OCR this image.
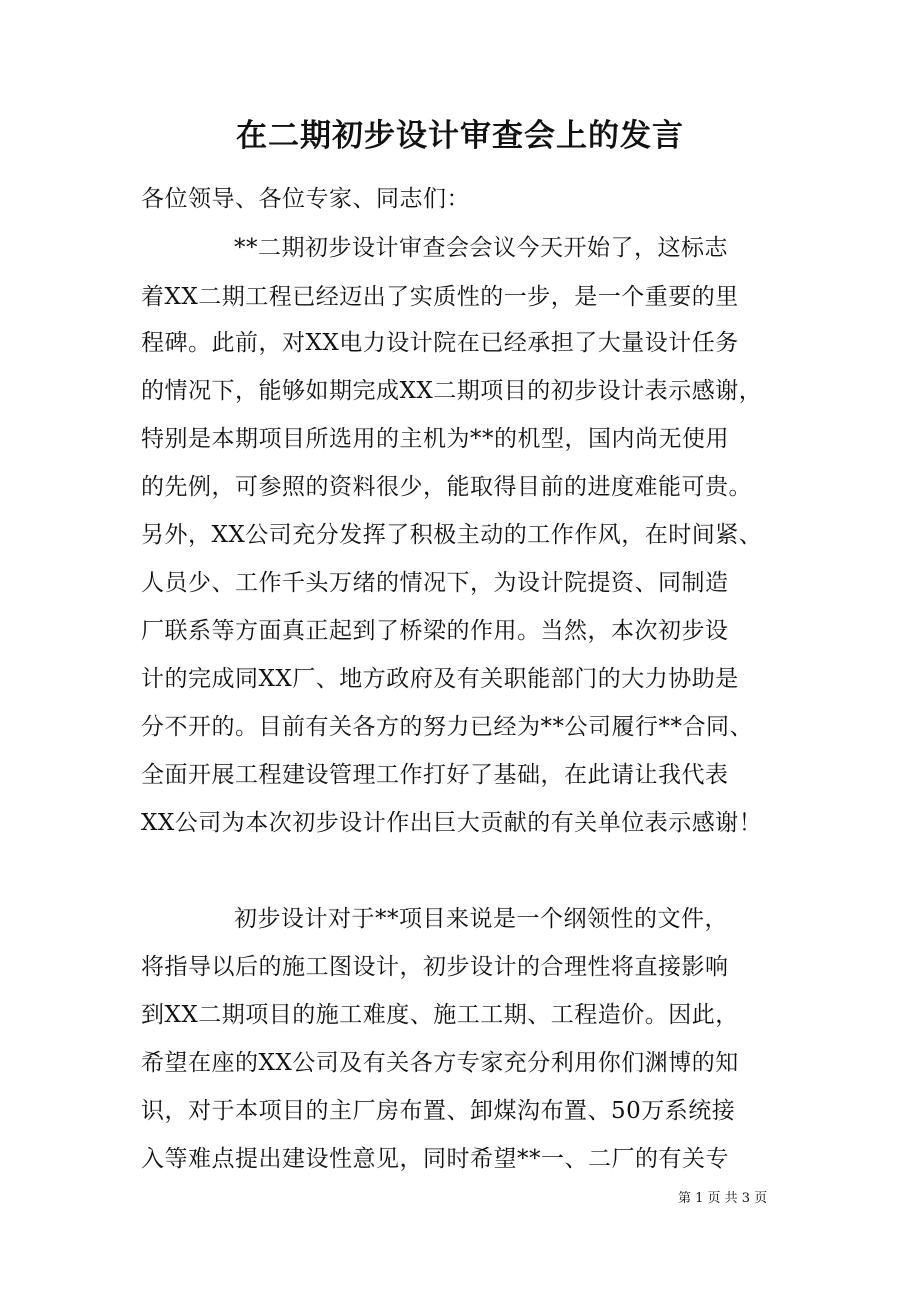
在二期初步设计审查会上的发言
各位领导、各位专家、同志们：
**二期初步设计审查会会议今天开始了，这标志
着XX二期工程已经迈出了实质性的一步，是一个重要的里
程碑。此前，对XX电力设计院在已经承担了大量设计任务
的情况下，能够如期完成XX二期项目的初步设计表示感谢，
特别是本期项目所选用的主机为**的机型，国内尚无使用
的先例，可参照的资料很少，能取得目前的进度难能可贵。
另外，XX公司充分发挥了积极主动的工作作风，在时间紧、
人员少、工作千头万绪的情况下，为设计院提资、同制造
厂联系等方面真正起到了桥梁的作用。当然，本次初步设
计的完成同XX厂、地方政府及有关职能部门的大力协助是
分不开的。目前有关各方的努力已经为**公司履行**合同、
全面开展工程建设管理工作打好了基础，在此请让我代表
XX公司为本次初步设计作出巨大贡献的有关单位表示感谢！
初步设计对于**项目来说是一个纲领性的文件，
将指导以后的施工图设计，初步设计的合理性将直接影响
到XX二期项目的施工难度、施工工期、工程造价。因此，
希望在座的XX公司及有关各方专家充分利用你们渊博的知
识，对于本项目的主厂房布置、卸煤沟布置、50万系统接
入等难点提出建设性意见，同时希望**一、二厂的有关专
第 1 页 共 3 页
